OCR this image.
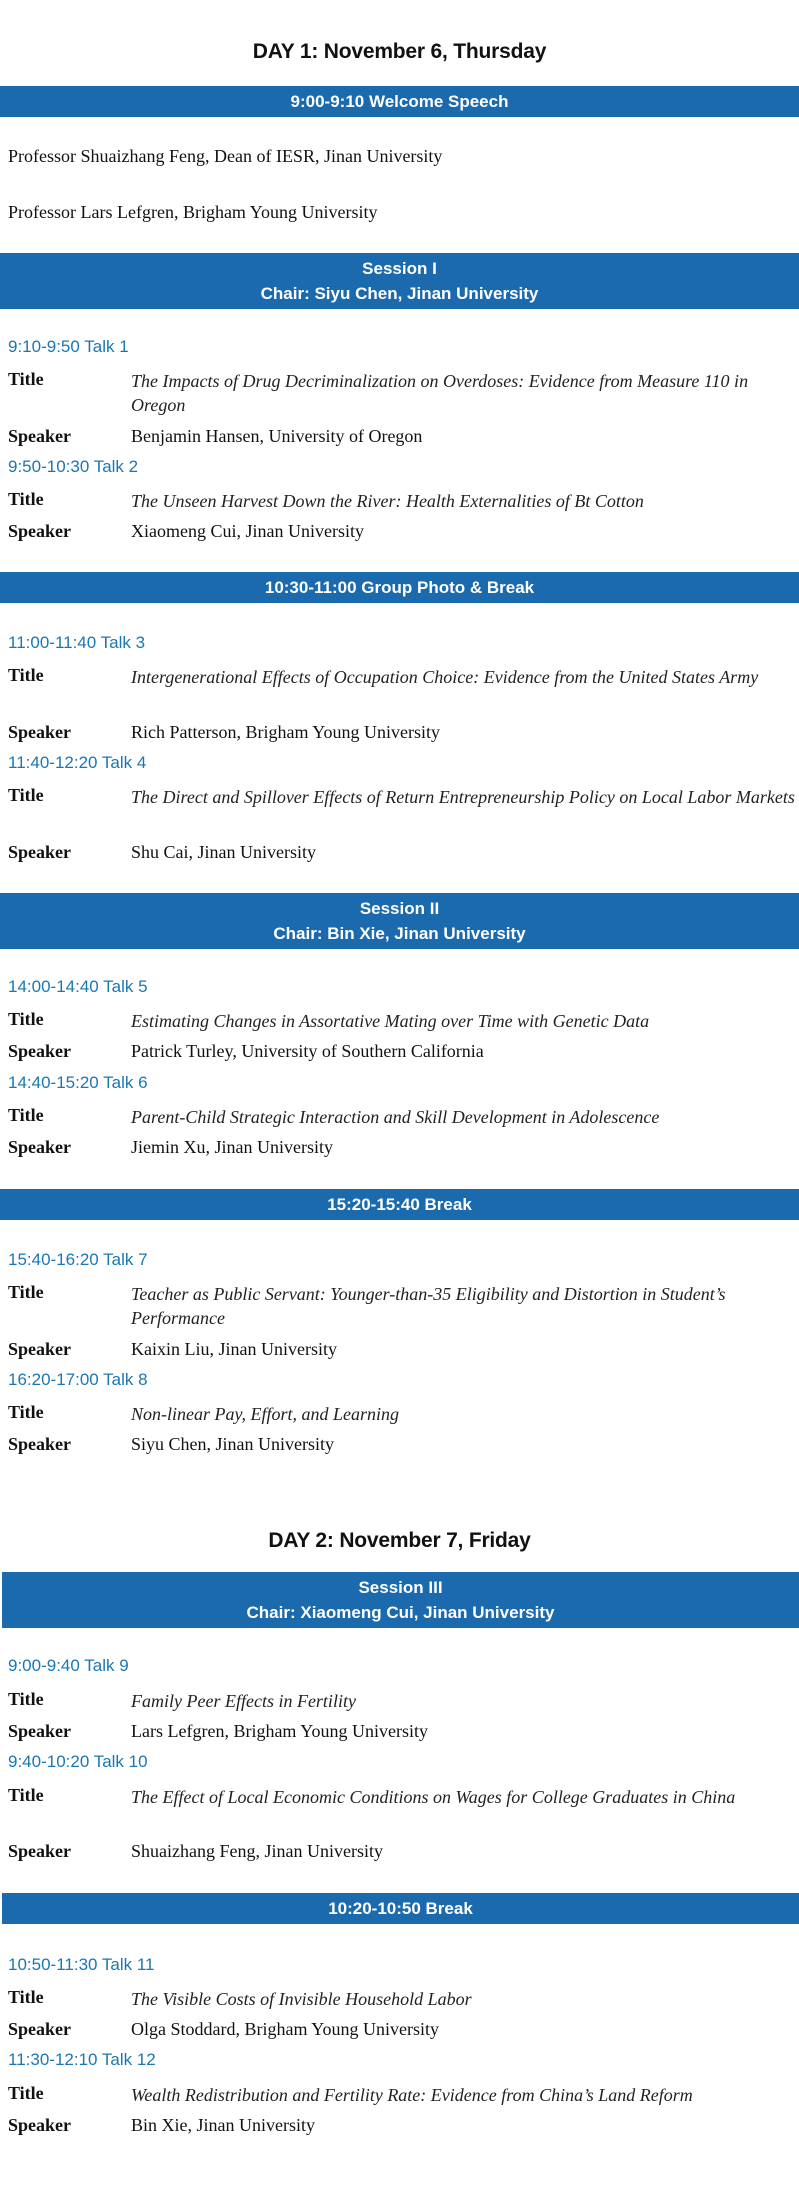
DAY 1: November 6, Thursday
9:00-9:10 Welcome Speech
Professor Shuaizhang Feng, Dean of IESR, Jinan University
Professor Lars Lefgren, Brigham Young University
Session I
Chair: Siyu Chen, Jinan University
9:10-9:50 Talk 1
Title	The Impacts of Drug Decriminalization on Overdoses: Evidence from Measure 110 in Oregon
Speaker	Benjamin Hansen, University of Oregon
9:50-10:30 Talk 2
Title	The Unseen Harvest Down the River: Health Externalities of Bt Cotton
Speaker	Xiaomeng Cui, Jinan University
10:30-11:00 Group Photo & Break
11:00-11:40 Talk 3
Title	Intergenerational Effects of Occupation Choice: Evidence from the United States Army
Speaker	Rich Patterson, Brigham Young University
11:40-12:20 Talk 4
Title	The Direct and Spillover Effects of Return Entrepreneurship Policy on Local Labor Markets
Speaker	Shu Cai, Jinan University
Session II
Chair: Bin Xie, Jinan University
14:00-14:40 Talk 5
Title	Estimating Changes in Assortative Mating over Time with Genetic Data
Speaker	Patrick Turley, University of Southern California
14:40-15:20 Talk 6
Title	Parent-Child Strategic Interaction and Skill Development in Adolescence
Speaker	Jiemin Xu, Jinan University
15:20-15:40 Break
15:40-16:20 Talk 7
Title	Teacher as Public Servant: Younger-than-35 Eligibility and Distortion in Student’s Performance
Speaker	Kaixin Liu, Jinan University
16:20-17:00 Talk 8
Title	Non-linear Pay, Effort, and Learning
Speaker	Siyu Chen, Jinan University
DAY 2: November 7, Friday
Session III
Chair: Xiaomeng Cui, Jinan University
9:00-9:40 Talk 9
Title	Family Peer Effects in Fertility
Speaker	Lars Lefgren, Brigham Young University
9:40-10:20 Talk 10
Title	The Effect of Local Economic Conditions on Wages for College Graduates in China
Speaker	Shuaizhang Feng, Jinan University
10:20-10:50 Break
10:50-11:30 Talk 11
Title	The Visible Costs of Invisible Household Labor
Speaker	Olga Stoddard, Brigham Young University
11:30-12:10 Talk 12
Title	Wealth Redistribution and Fertility Rate: Evidence from China’s Land Reform
Speaker	Bin Xie, Jinan University
